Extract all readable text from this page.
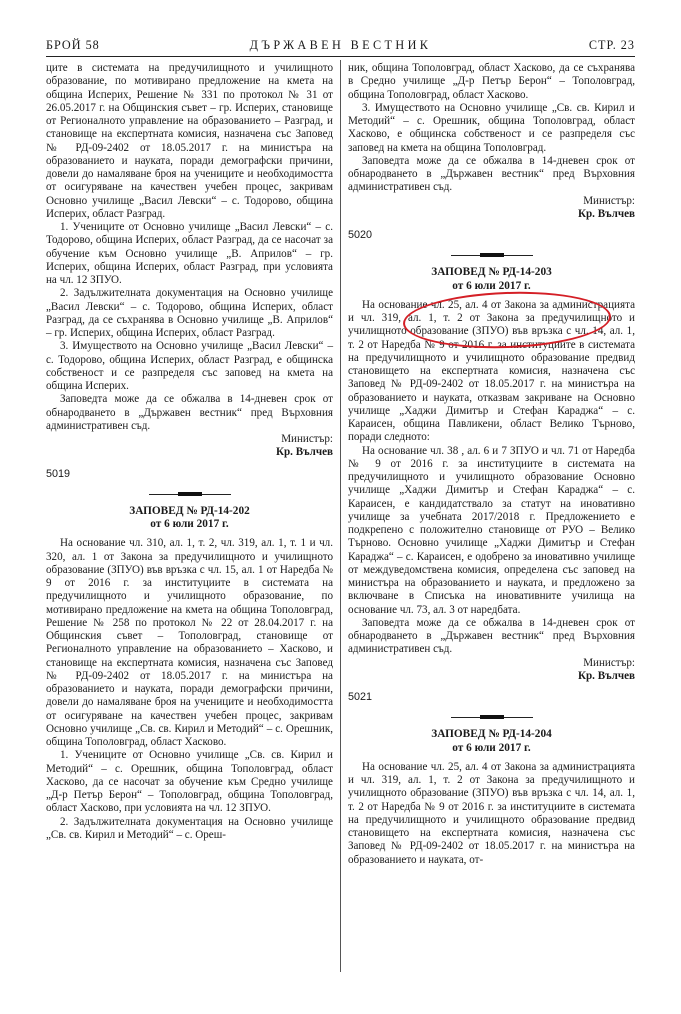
БРОЙ 58	ДЪРЖАВЕН ВЕСТНИК	СТР. 23

цитe в системата на предучилищното и училищното образование, по мотивирано предложение на кмета на община Исперих, Решение № 331 по протокол № 31 от 26.05.2017 г. на Общинския съвет – гр. Исперих, становище от Регионалното управление на образованието – Разград, и становище на експертната комисия, назначена със Заповед № РД-09-2402 от 18.05.2017 г. на министъра на образованието и науката, поради демографски причини, довели до намаляване броя на учениците и необходимостта от осигуряване на качествен учебен процес, закривам Основно училище „Васил Левски“ – с. Тодорово, община Исперих, област Разград.

1. Учениците от Основно училище „Васил Левски“ – с. Тодорово, община Исперих, област Разград, да се насочат за обучение към Основно училище „В. Априлов“ – гр. Исперих, община Исперих, област Разград, при условията на чл. 12 ЗПУО.

2. Задължителната документация на Основно училище „Васил Левски“ – с. Тодорово, община Исперих, област Разград, да се съхранява в Основно училище „В. Априлов“ – гр. Исперих, община Исперих, област Разград.

3. Имуществото на Основно училище „Васил Левски“ – с. Тодорово, община Исперих, област Разград, е общинска собственост и се разпределя със заповед на кмета на община Исперих.

Заповедта може да се обжалва в 14-дневен срок от обнародването в „Държавен вестник“ пред Върховния административен съд.

Министър:

Кр. Вълчев

5019

ЗАПОВЕД № РД-14-202

от 6 юли 2017 г.

На основание чл. 310, ал. 1, т. 2, чл. 319, ал. 1, т. 1 и чл. 320, ал. 1 от Закона за предучилищното и училищното образование (ЗПУО) във връзка с чл. 15, ал. 1 от Наредба № 9 от 2016 г. за институциите в системата на предучилищното и училищното образование, по мотивирано предложение на кмета на община Тополовград, Решение № 258 по протокол № 22 от 28.04.2017 г. на Общинския съвет – Тополовград, становище от Регионалното управление на образованието – Хасково, и становище на експертната комисия, назначена със Заповед № РД-09-2402 от 18.05.2017 г. на министъра на образованието и науката, поради демографски причини, довели до намаляване броя на учениците и необходимостта от осигуряване на качествен учебен процес, закривам Основно училище „Св. св. Кирил и Методий“ – с. Орешник, община Тополовград, област Хасково.

1. Учениците от Основно училище „Св. св. Кирил и Методий“ – с. Орешник, община Тополовград, област Хасково, да се насочат за обучение към Средно училище „Д-р Петър Берон“ – Тополовград, община Тополовград, област Хасково, при условията на чл. 12 ЗПУО.

2. Задължителната документация на Основно училище „Св. св. Кирил и Методий“ – с. Ореш-

ник, община Тополовград, област Хасково, да се съхранява в Средно училище „Д-р Петър Берон“ – Тополовград, община Тополовград, област Хасково.

3. Имуществото на Основно училище „Св. св. Кирил и Методий“ – с. Орешник, община Тополовград, област Хасково, е общинска собственост и се разпределя със заповед на кмета на община Тополовград.

Заповедта може да се обжалва в 14-дневен срок от обнародването в „Държавен вестник“ пред Върховния административен съд.

Министър:

Кр. Вълчев

5020

ЗАПОВЕД № РД-14-203

от 6 юли 2017 г.

На основание чл. 25, ал. 4 от Закона за администрацията и чл. 319, ал. 1, т. 2 от Закона за предучилищното и училищното образование (ЗПУО) във връзка с чл. 14, ал. 1, т. 2 от Наредба № 9 от 2016 г. за институциите в системата на предучилищното и училищното образование предвид становището на експертната комисия, назначена със Заповед № РД-09-2402 от 18.05.2017 г. на министъра на образованието и науката, отказвам закриване на Основно училище „Хаджи Димитър и Стефан Караджа“ – с. Караисен, община Павликени, област Велико Търново, поради следното:

На основание чл. 38 , ал. 6 и 7 ЗПУО и чл. 71 от Наредба № 9 от 2016 г. за институциите в системата на предучилищното и училищното образование Основно училище „Хаджи Димитър и Стефан Караджа“ – с. Караисен, е кандидатствало за статут на иновативно училище за учебната 2017/2018 г. Предложението е подкрепено с положително становище от РУО – Велико Търново. Основно училище „Хаджи Димитър и Стефан Караджа“ – с. Караисен, е одобрено за иновативно училище от междуведомствена комисия, определена със заповед на министъра на образованието и науката, и предложено за включване в Списъка на иновативните училища на основание чл. 73, ал. 3 от наредбата.

Заповедта може да се обжалва в 14-дневен срок от обнародването в „Държавен вестник“ пред Върховния административен съд.

Министър:

Кр. Вълчев

5021

ЗАПОВЕД № РД-14-204

от 6 юли 2017 г.

На основание чл. 25, ал. 4 от Закона за администрацията и чл. 319, ал. 1, т. 2 от Закона за предучилищното и училищното образование (ЗПУО) във връзка с чл. 14, ал. 1, т. 2 от Наредба № 9 от 2016 г. за институциите в системата на предучилищното и училищното образование предвид становището на експертната комисия, назначена със Заповед № РД-09-2402 от 18.05.2017 г. на министъра на образованието и науката, от-
